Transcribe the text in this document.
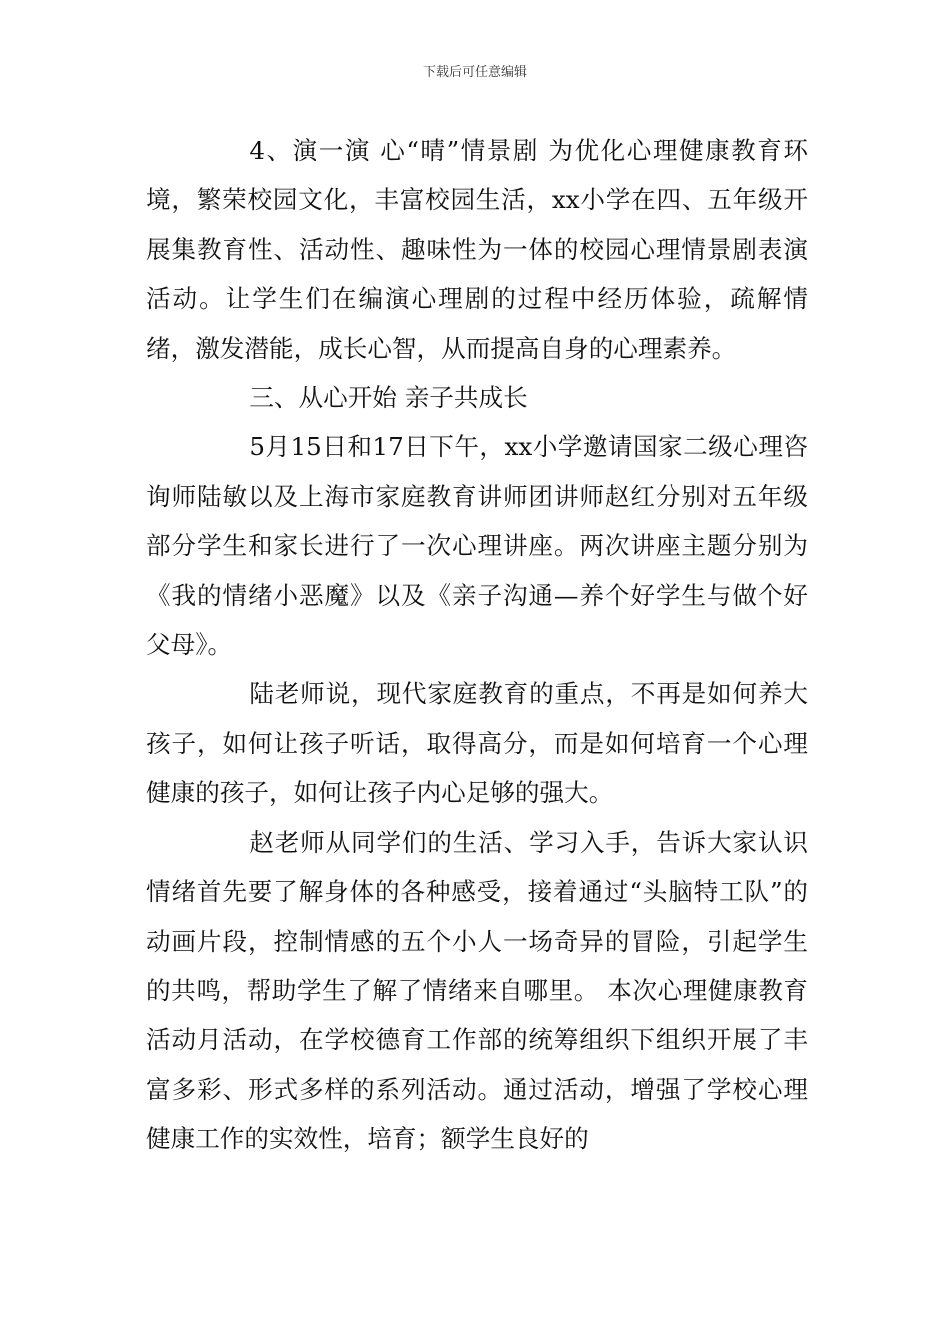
下载后可任意编辑

4、演一演 心“晴”情景剧 为优化心理健康教育环境，繁荣校园文化，丰富校园生活，xx小学在四、五年级开展集教育性、活动性、趣味性为一体的校园心理情景剧表演活动。让学生们在编演心理剧的过程中经历体验，疏解情绪，激发潜能，成长心智，从而提高自身的心理素养。

三、从心开始 亲子共成长

5月15日和17日下午，xx小学邀请国家二级心理咨询师陆敏以及上海市家庭教育讲师团讲师赵红分别对五年级部分学生和家长进行了一次心理讲座。两次讲座主题分别为《我的情绪小恶魔》以及《亲子沟通—养个好学生与做个好父母》。

陆老师说，现代家庭教育的重点，不再是如何养大孩子，如何让孩子听话，取得高分，而是如何培育一个心理健康的孩子，如何让孩子内心足够的强大。

赵老师从同学们的生活、学习入手，告诉大家认识情绪首先要了解身体的各种感受，接着通过“头脑特工队”的动画片段，控制情感的五个小人一场奇异的冒险，引起学生的共鸣，帮助学生了解了情绪来自哪里。 本次心理健康教育活动月活动，在学校德育工作部的统筹组织下组织开展了丰富多彩、形式多样的系列活动。通过活动，增强了学校心理健康工作的实效性，培育；额学生良好的
